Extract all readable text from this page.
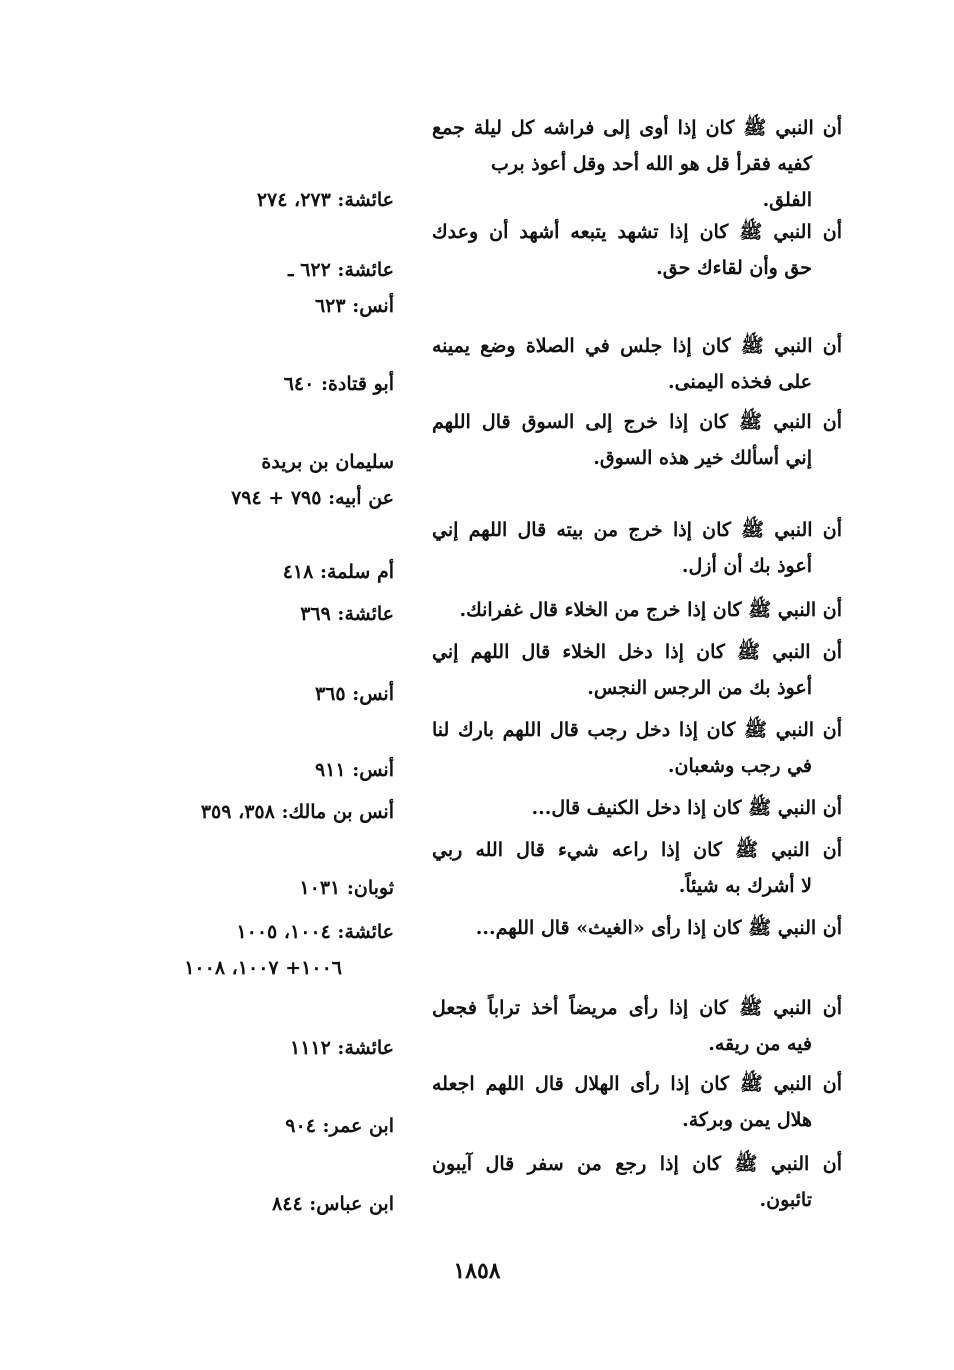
أن النبي ﷺ كان إذا أوى إلى فراشه كل ليلة جمع
كفيه فقرأ قل هو الله أحد وقل أعوذ برب
الفلق.
عائشة: ٢٧٣، ٢٧٤
أن النبي ﷺ كان إذا تشهد يتبعه أشهد أن وعدك
حق وأن لقاءك حق.
عائشة: ٦٢٢ ـ
أنس: ٦٢٣
أن النبي ﷺ كان إذا جلس في الصلاة وضع يمينه
على فخذه اليمنى.
أبو قتادة: ٦٤٠
أن النبي ﷺ كان إذا خرج إلى السوق قال اللهم
إني أسألك خير هذه السوق.
سليمان بن بريدة
عن أبيه: ٧٩٥ + ٧٩٤
أن النبي ﷺ كان إذا خرج من بيته قال اللهم إني
أعوذ بك أن أزل.
أم سلمة: ٤١٨
أن النبي ﷺ كان إذا خرج من الخلاء قال غفرانك.
عائشة: ٣٦٩
أن النبي ﷺ كان إذا دخل الخلاء قال اللهم إني
أعوذ بك من الرجس النجس.
أنس: ٣٦٥
أن النبي ﷺ كان إذا دخل رجب قال اللهم بارك لنا
في رجب وشعبان.
أنس: ٩١١
أن النبي ﷺ كان إذا دخل الكنيف قال...
أنس بن مالك: ٣٥٨، ٣٥٩
أن النبي ﷺ كان إذا راعه شيء قال الله ربي
لا أشرك به شيئاً.
ثوبان: ١٠٣١
أن النبي ﷺ كان إذا رأى «الغيث» قال اللهم...
عائشة: ١٠٠٤، ١٠٠٥
١٠٠٦+ ١٠٠٧، ١٠٠٨
أن النبي ﷺ كان إذا رأى مريضاً أخذ تراباً فجعل
فيه من ريقه.
عائشة: ١١١٢
أن النبي ﷺ كان إذا رأى الهلال قال اللهم اجعله
هلال يمن وبركة.
ابن عمر: ٩٠٤
أن النبي ﷺ كان إذا رجع من سفر قال آيبون
تائبون.
ابن عباس: ٨٤٤
١٨٥٨
